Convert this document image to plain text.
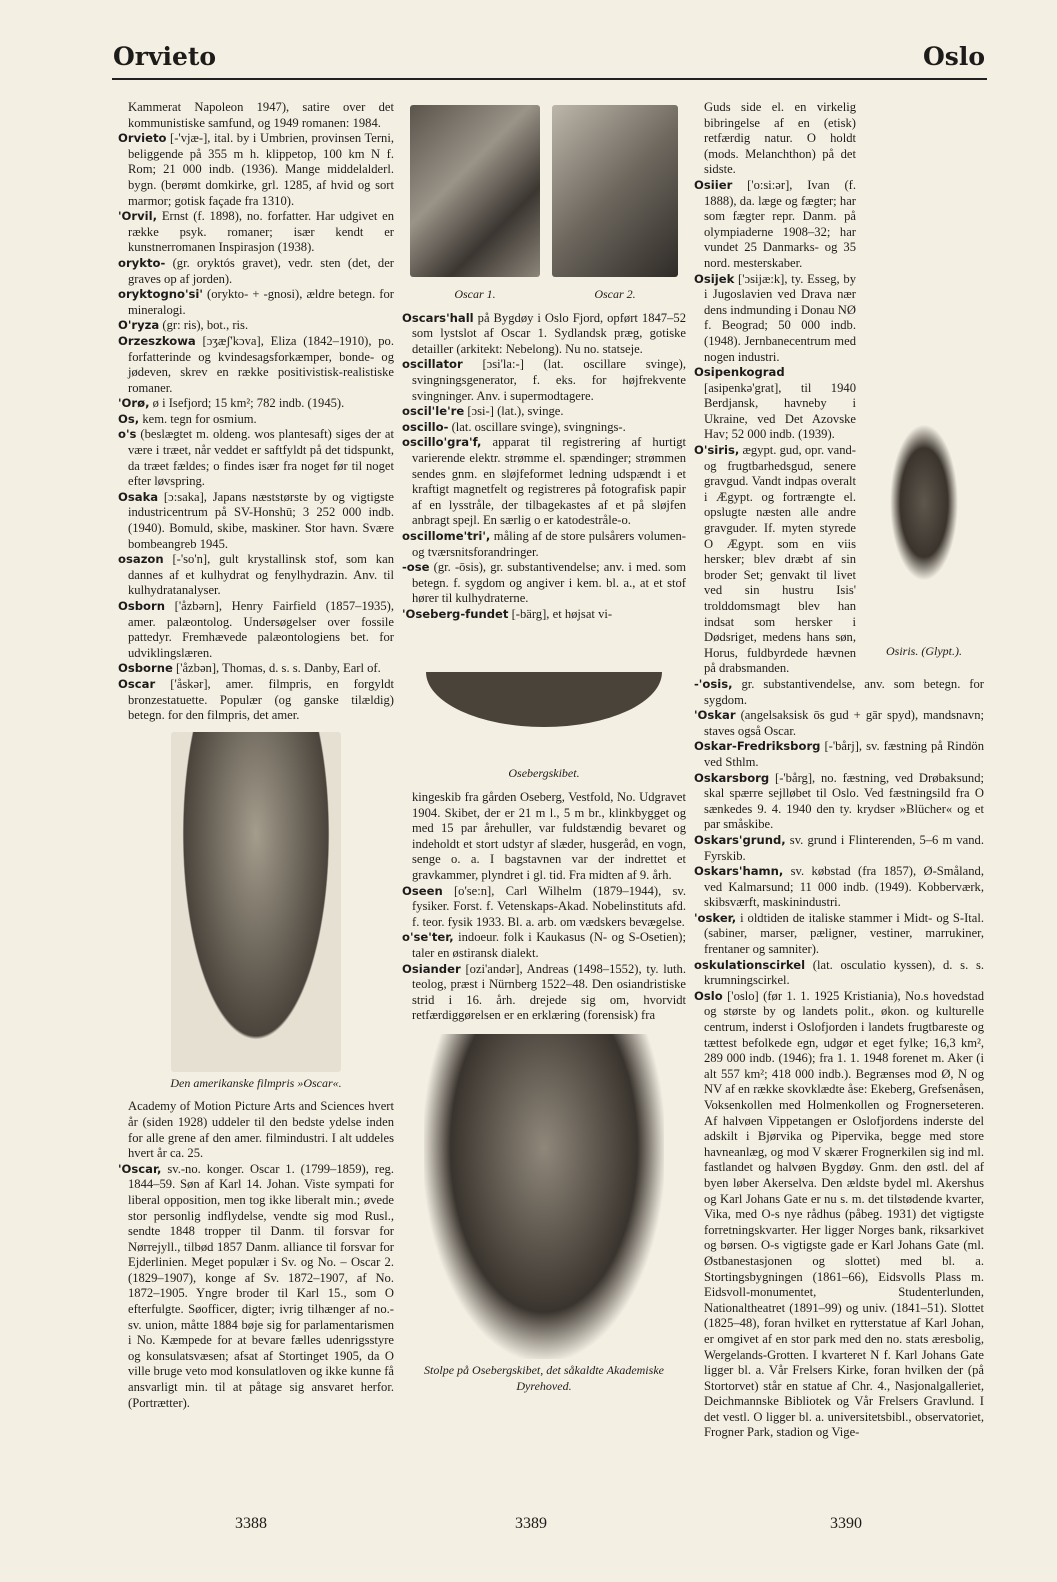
Orvieto	Oslo

Kammerat Napoleon 1947), satire over det kommunistiske samfund, og 1949 romanen: 1984.

Orvieto [-'vjæ-], ital. by i Umbrien, provinsen Terni, beliggende på 355 m h. klippetop, 100 km N f. Rom; 21 000 indb. (1936). Mange middelalderl. bygn. (berømt domkirke, grl. 1285, af hvid og sort marmor; gotisk façade fra 1310).

'Orvil, Ernst (f. 1898), no. forfatter. Har udgivet en række psyk. romaner; især kendt er kunstnerromanen Inspirasjon (1938).

orykto- (gr. oryktós gravet), vedr. sten (det, der graves op af jorden).

oryktogno'si' (orykto- + -gnosi), ældre betegn. for mineralogi.

O'ryza (gr: ris), bot., ris.

Orzeszkowa [ɔʒæʃ'kɔva], Eliza (1842–1910), po. forfatterinde og kvindesagsforkæmper, bonde- og jødeven, skrev en række positivistisk-realistiske romaner.

'Orø, ø i Isefjord; 15 km²; 782 indb. (1945).

Os, kem. tegn for osmium.

o's (beslægtet m. oldeng. wos plantesaft) siges der at være i træet, når veddet er saftfyldt på det tidspunkt, da træet fældes; o findes især fra noget før til noget efter løvspring.

Osaka [ɔ:saka], Japans næststørste by og vigtigste industricentrum på SV-Honshū; 3 252 000 indb. (1940). Bomuld, skibe, maskiner. Stor havn. Svære bombeangreb 1945.

osazon [-'so'n], gult krystallinsk stof, som kan dannes af et kulhydrat og fenylhydrazin. Anv. til kulhydratanalyser.

Osborn ['åzbərn], Henry Fairfield (1857–1935), amer. palæontolog. Undersøgelser over fossile pattedyr. Fremhævede palæontologiens bet. for udviklingslæren.

Osborne ['åzbən], Thomas, d. s. s. Danby, Earl of.

Oscar ['åskər], amer. filmpris, en forgyldt bronzestatuette. Populær (og ganske tilældig) betegn. for den filmpris, det amer.

Den amerikanske filmpris »Oscar«.

Academy of Motion Picture Arts and Sciences hvert år (siden 1928) uddeler til den bedste ydelse inden for alle grene af den amer. filmindustri. I alt uddeles hvert år ca. 25.

'Oscar, sv.-no. konger. Oscar 1. (1799–1859), reg. 1844–59. Søn af Karl 14. Johan. Viste sympati for liberal opposition, men tog ikke liberalt min.; øvede stor personlig indflydelse, vendte sig mod Rusl., sendte 1848 tropper til Danm. til forsvar for Nørrejyll., tilbød 1857 Danm. alliance til forsvar for Ejderlinien. Meget populær i Sv. og No. – Oscar 2. (1829–1907), konge af Sv. 1872–1907, af No. 1872–1905. Yngre broder til Karl 15., som O efterfulgte. Søofficer, digter; ivrig tilhænger af no.-sv. union, måtte 1884 bøje sig for parlamentarismen i No. Kæmpede for at bevare fælles udenrigsstyre og konsulatsvæsen; afsat af Stortinget 1905, da O ville bruge veto mod konsulatloven og ikke kunne få ansvarligt min. til at påtage sig ansvaret herfor. (Portrætter).

Oscar 1.	Oscar 2.

Oscars'hall på Bygdøy i Oslo Fjord, opført 1847–52 som lystslot af Oscar 1. Sydlandsk præg, gotiske detailler (arkitekt: Nebelong). Nu no. statseje.

oscillator [ɔsi'la:-] (lat. oscillare svinge), svingningsgenerator, f. eks. for højfrekvente svingninger. Anv. i supermodtagere.

oscil'le're [ɔsi-] (lat.), svinge.

oscillo- (lat. oscillare svinge), svingnings-.

oscillo'gra'f, apparat til registrering af hurtigt varierende elektr. strømme el. spændinger; strømmen sendes gnm. en sløjfeformet ledning udspændt i et kraftigt magnetfelt og registreres på fotografisk papir af en lysstråle, der tilbagekastes af et på sløjfen anbragt spejl. En særlig o er katodestråle-o.

oscillome'tri', måling af de store pulsårers volumen- og tværsnitsforandringer.

-ose (gr. -ōsis), gr. substantivendelse; anv. i med. som betegn. f. sygdom og angiver i kem. bl. a., at et stof hører til kulhydraterne.

'Oseberg-fundet [-bärg], et højsat vi-

Osebergskibet.

kingeskib fra gården Oseberg, Vestfold, No. Udgravet 1904. Skibet, der er 21 m l., 5 m br., klinkbygget og med 15 par årehuller, var fuldstændig bevaret og indeholdt et stort udstyr af slæder, husgeråd, en vogn, senge o. a. I bagstavnen var der indrettet et gravkammer, plyndret i gl. tid. Fra midten af 9. årh.

Oseen [o'se:n], Carl Wilhelm (1879–1944), sv. fysiker. Forst. f. Vetenskaps-Akad. Nobelinstituts afd. f. teor. fysik 1933. Bl. a. arb. om vædskers bevægelse.

o'se'ter, indoeur. folk i Kaukasus (N- og S-Osetien); taler en østiransk dialekt.

Osiander [ozi'andər], Andreas (1498–1552), ty. luth. teolog, præst i Nürnberg 1522–48. Den osiandristiske strid i 16. årh. drejede sig om, hvorvidt retfærdiggørelsen er en erklæring (forensisk) fra

Stolpe på Osebergskibet, det såkaldte Akademiske Dyrehoved.
Osiris. (Glypt.).

Guds side el. en virkelig bibringelse af en (etisk) retfærdig natur. O holdt (mods. Melanchthon) på det sidste.

Osiier ['o:si:ər], Ivan (f. 1888), da. læge og fægter; har som fægter repr. Danm. på olympiaderne 1908–32; har vundet 25 Danmarks- og 35 nord. mesterskaber.

Osijek ['ɔsijæ:k], ty. Esseg, by i Jugoslavien ved Drava nær dens indmunding i Donau NØ f. Beograd; 50 000 indb. (1948). Jernbanecentrum med nogen industri.

Osipenkograd [asipenkə'grat], til 1940 Berdjansk, havneby i Ukraine, ved Det Azovske Hav; 52 000 indb. (1939).

O'siris, ægypt. gud, opr. vand- og frugtbarhedsgud, senere gravgud. Vandt indpas overalt i Ægypt. og fortrængte el. opslugte næsten alle andre gravguder. If. myten styrede O Ægypt. som en viis hersker; blev dræbt af sin broder Set; genvakt til livet ved sin hustru Isis' trolddomsmagt blev han indsat som hersker i Dødsriget, medens hans søn, Horus, fuldbyrdede hævnen på drabsmanden.

-'osis, gr. substantivendelse, anv. som betegn. for sygdom.

'Oskar (angelsaksisk ōs gud + gār spyd), mandsnavn; staves også Oscar.

Oskar-Fredriksborg [-'bårj], sv. fæstning på Rindön ved Sthlm.

Oskarsborg [-'bårg], no. fæstning, ved Drøbaksund; skal spærre sejlløbet til Oslo. Ved fæstningsild fra O sænkedes 9. 4. 1940 den ty. krydser »Blücher« og et par småskibe.

Oskars'grund, sv. grund i Flinterenden, 5–6 m vand. Fyrskib.

Oskars'hamn, sv. købstad (fra 1857), Ø-Småland, ved Kalmarsund; 11 000 indb. (1949). Kobberværk, skibsværft, maskinindustri.

'osker, i oldtiden de italiske stammer i Midt- og S-Ital. (sabiner, marser, pæligner, vestiner, marrukiner, frentaner og samniter).

oskulationscirkel (lat. osculatio kyssen), d. s. s. krumningscirkel.

Oslo ['oslo] (før 1. 1. 1925 Kristiania), No.s hovedstad og største by og landets polit., økon. og kulturelle centrum, inderst i Oslofjorden i landets frugtbareste og tættest befolkede egn, udgør et eget fylke; 16,3 km², 289 000 indb. (1946); fra 1. 1. 1948 forenet m. Aker (i alt 557 km²; 418 000 indb.). Begrænses mod Ø, N og NV af en række skovklædte åse: Ekeberg, Grefsenåsen, Voksenkollen med Holmenkollen og Frognerseteren. Af halvøen Vippetangen er Oslofjordens inderste del adskilt i Bjørvika og Pipervika, begge med store havneanlæg, og mod V skærer Frognerkilen sig ind ml. fastlandet og halvøen Bygdøy. Gnm. den østl. del af byen løber Akerselva. Den ældste bydel ml. Akershus og Karl Johans Gate er nu s. m. det tilstødende kvarter, Vika, med O-s nye rådhus (påbeg. 1931) det vigtigste forretningskvarter. Her ligger Norges bank, riksarkivet og børsen. O-s vigtigste gade er Karl Johans Gate (ml. Østbanestasjonen og slottet) med bl. a. Stortingsbygningen (1861–66), Eidsvolls Plass m. Eidsvoll-monumentet, Studenterlunden, Nationaltheatret (1891–99) og univ. (1841–51). Slottet (1825–48), foran hvilket en rytterstatue af Karl Johan, er omgivet af en stor park med den no. stats æresbolig, Wergelands-Grotten. I kvarteret N f. Karl Johans Gate ligger bl. a. Vår Frelsers Kirke, foran hvilken der (på Stortorvet) står en statue af Chr. 4., Nasjonalgalleriet, Deichmannske Bibliotek og Vår Frelsers Gravlund. I det vestl. O ligger bl. a. universitetsbibl., observatoriet, Frogner Park, stadion og Vige-

3388	3389	3390
